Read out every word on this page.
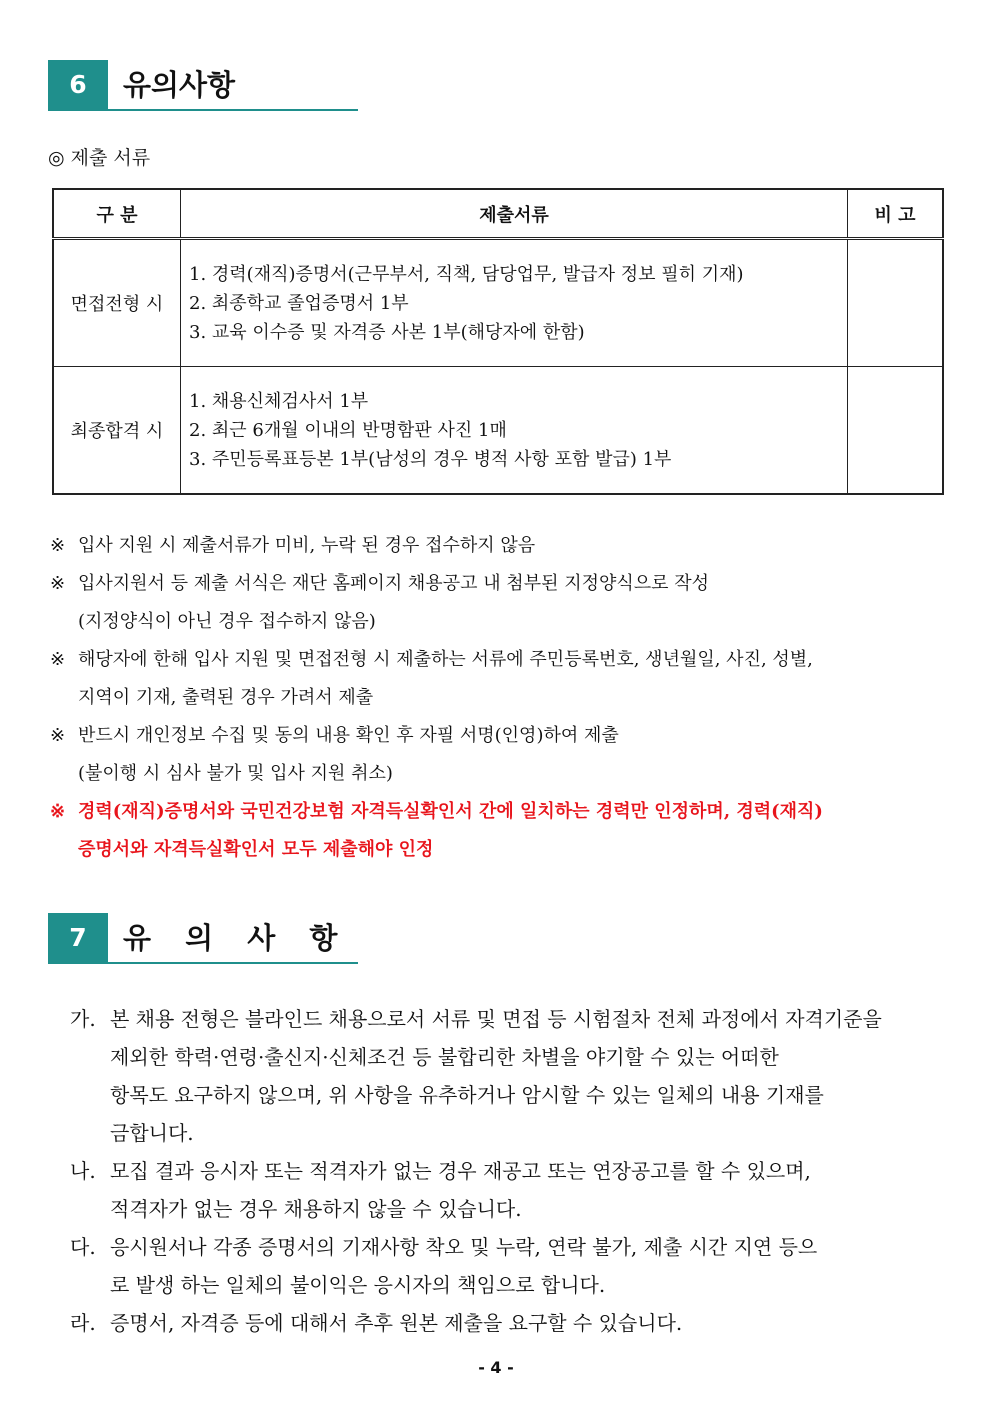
6	유의사항
◎ 제출 서류
구 분	제출서류	비 고
면접전형 시	1. 경력(재직)증명서(근무부서, 직책, 담당업무, 발급자 정보 필히 기재)
2. 최종학교 졸업증명서 1부
3. 교육 이수증 및 자격증 사본 1부(해당자에 한함)	

최종합격 시	1. 채용신체검사서 1부
2. 최근 6개월 이내의 반명함판 사진 1매
3. 주민등록표등본 1부(남성의 경우 병적 사항 포함 발급) 1부	

※ 입사 지원 시 제출서류가 미비, 누락 된 경우 접수하지 않음
※ 입사지원서 등 제출 서식은 재단 홈페이지 채용공고 내 첨부된 지정양식으로 작성
(지정양식이 아닌 경우 접수하지 않음)
※ 해당자에 한해 입사 지원 및 면접전형 시 제출하는 서류에 주민등록번호, 생년월일, 사진, 성별,
지역이 기재, 출력된 경우 가려서 제출
※ 반드시 개인정보 수집 및 동의 내용 확인 후 자필 서명(인영)하여 제출
(불이행 시 심사 불가 및 입사 지원 취소)
※ 경력(재직)증명서와 국민건강보험 자격득실확인서 간에 일치하는 경력만 인정하며, 경력(재직)
증명서와 자격득실확인서 모두 제출해야 인정
7	유 의 사 항
가. 본 채용 전형은 블라인드 채용으로서 서류 및 면접 등 시험절차 전체 과정에서 자격기준을
제외한 학력·연령·출신지·신체조건 등 불합리한 차별을 야기할 수 있는 어떠한
항목도 요구하지 않으며, 위 사항을 유추하거나 암시할 수 있는 일체의 내용 기재를
금합니다.
나. 모집 결과 응시자 또는 적격자가 없는 경우 재공고 또는 연장공고를 할 수 있으며,
적격자가 없는 경우 채용하지 않을 수 있습니다.
다. 응시원서나 각종 증명서의 기재사항 착오 및 누락, 연락 불가, 제출 시간 지연 등으
로 발생 하는 일체의 불이익은 응시자의 책임으로 합니다.
라. 증명서, 자격증 등에 대해서 추후 원본 제출을 요구할 수 있습니다.
- 4 -
